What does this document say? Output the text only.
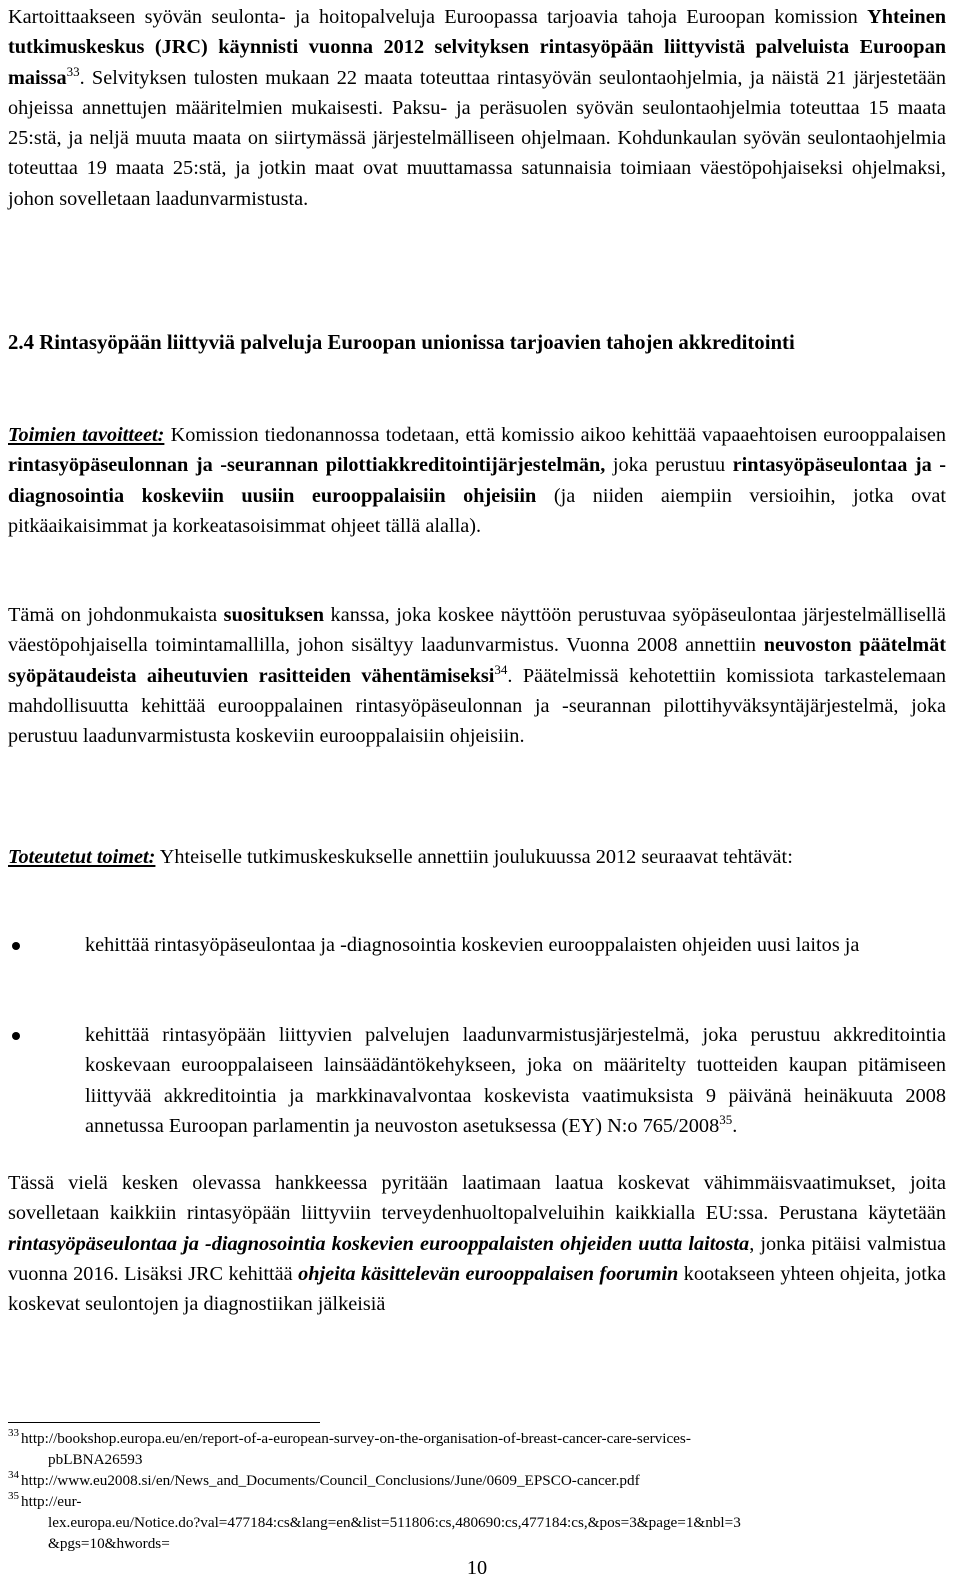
Kartoittaakseen syövän seulonta- ja hoitopalveluja Euroopassa tarjoavia tahoja Euroopan komission Yhteinen tutkimuskeskus (JRC) käynnisti vuonna 2012 selvityksen rintasyöpään liittyvistä palveluista Euroopan maissa$^{33}$. Selvityksen tulosten mukaan 22 maata toteuttaa rintasyövän seulontaohjelmia, ja näistä 21 järjestetään ohjeissa annettujen määritelmien mukaisesti. Paksu- ja peräsuolen syövän seulontaohjelmia toteuttaa 15 maata 25:stä, ja neljä muuta maata on siirtymässä järjestelmälliseen ohjelmaan. Kohdunkaulan syövän seulontaohjelmia toteuttaa 19 maata 25:stä, ja jotkin maat ovat muuttamassa satunnaisia toimiaan väestöpohjaiseksi ohjelmaksi, johon sovelletaan laadunvarmistusta.

2.4 Rintasyöpään liittyviä palveluja Euroopan unionissa tarjoavien tahojen akkreditointi

Toimien tavoitteet: Komission tiedonannossa todetaan, että komissio aikoo kehittää vapaaehtoisen eurooppalaisen rintasyöpäseulonnan ja -seurannan pilottiakkreditointijärjestelmän, joka perustuu rintasyöpäseulontaa ja -diagnosointia koskeviin uusiin eurooppalaisiin ohjeisiin (ja niiden aiempiin versioihin, jotka ovat pitkäaikaisimmat ja korkeatasoisimmat ohjeet tällä alalla).

Tämä on johdonmukaista suosituksen kanssa, joka koskee näyttöön perustuvaa syöpäseulontaa järjestelmällisellä väestöpohjaisella toimintamallilla, johon sisältyy laadunvarmistus. Vuonna 2008 annettiin neuvoston päätelmät syöpätaudeista aiheutuvien rasitteiden vähentämiseksi$^{34}$. Päätelmissä kehotettiin komissiota tarkastelemaan mahdollisuutta kehittää eurooppalainen rintasyöpäseulonnan ja -seurannan pilottihyväksyntäjärjestelmä, joka perustuu laadunvarmistusta koskeviin eurooppalaisiin ohjeisiin.

Toteutetut toimet: Yhteiselle tutkimuskeskukselle annettiin joulukuussa 2012 seuraavat tehtävät:

kehittää rintasyöpäseulontaa ja -diagnosointia koskevien eurooppalaisten ohjeiden uusi laitos ja
kehittää rintasyöpään liittyvien palvelujen laadunvarmistusjärjestelmä, joka perustuu akkreditointia koskevaan eurooppalaiseen lainsäädäntökehykseen, joka on määritelty tuotteiden kaupan pitämiseen liittyvää akkreditointia ja markkinavalvontaa koskevista vaatimuksista 9 päivänä heinäkuuta 2008 annetussa Euroopan parlamentin ja neuvoston asetuksessa (EY) N:o 765/2008$^{35}$.

Tässä vielä kesken olevassa hankkeessa pyritään laatimaan laatua koskevat vähimmäisvaatimukset, joita sovelletaan kaikkiin rintasyöpään liittyviin terveydenhuoltopalveluihin kaikkialla EU:ssa. Perustana käytetään rintasyöpäseulontaa ja -diagnosointia koskevien eurooppalaisten ohjeiden uutta laitosta, jonka pitäisi valmistua vuonna 2016. Lisäksi JRC kehittää ohjeita käsittelevän eurooppalaisen foorumin kootakseen yhteen ohjeita, jotka koskevat seulontojen ja diagnostiikan jälkeisiä

33 http://bookshop.europa.eu/en/report-of-a-european-survey-on-the-organisation-of-breast-cancer-care-services-
pbLBNA26593
34 http://www.eu2008.si/en/News_and_Documents/Council_Conclusions/June/0609_EPSCO-cancer.pdf
35 http://eur-
lex.europa.eu/Notice.do?val=477184:cs&lang=en&list=511806:cs,480690:cs,477184:cs,&pos=3&page=1&nbl=3
&pgs=10&hwords=
10
